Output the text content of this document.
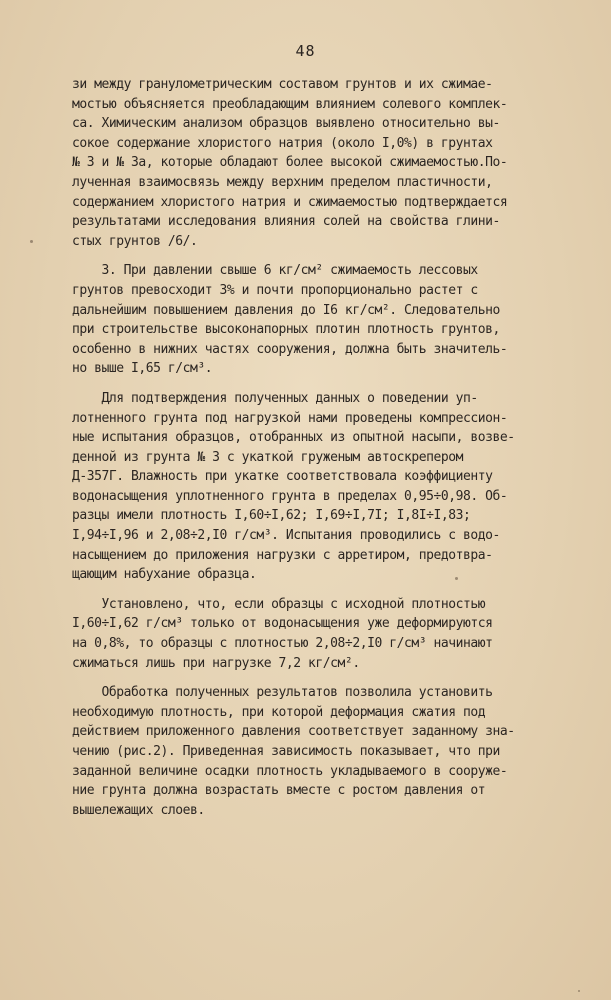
48
зи между гранулометрическим составом грунтов и их сжимае-
мостью объясняется преобладающим влиянием солевого комплек-
са. Химическим анализом образцов выявлено относительно вы-
сокое содержание хлористого натрия (около I,0%) в грунтах
№ 3 и № 3а, которые обладают более высокой сжимаемостью.По-
лученная взаимосвязь между верхним пределом пластичности,
содержанием хлористого натрия и сжимаемостью подтверждается
результатами исследования влияния солей на свойства глини-
стых грунтов /6/.
3. При давлении свыше 6 кг/см² сжимаемость лессовых
грунтов превосходит 3% и почти пропорционально растет с
дальнейшим повышением давления до I6 кг/см². Следовательно
при строительстве высоконапорных плотин плотность грунтов,
особенно в нижних частях сооружения, должна быть значитель-
но выше I,65 г/см³.
Для подтверждения полученных данных о поведении уп-
лотненного грунта под нагрузкой нами проведены компрессион-
ные испытания образцов, отобранных из опытной насыпи, возве-
денной из грунта № 3 с укаткой груженым автоскрепером
Д-357Г. Влажность при укатке соответствовала коэффициенту
водонасыщения уплотненного грунта в пределах 0,95÷0,98. Об-
разцы имели плотность I,60÷I,62; I,69÷I,7I; I,8I÷I,83;
I,94÷I,96 и 2,08÷2,I0 г/см³. Испытания проводились с водо-
насыщением до приложения нагрузки с арретиром, предотвра-
щающим набухание образца.
Установлено, что, если образцы с исходной плотностью
I,60÷I,62 г/см³ только от водонасыщения уже деформируются
на 0,8%, то образцы с плотностью 2,08÷2,I0 г/см³ начинают
сжиматься лишь при нагрузке 7,2 кг/см².
Обработка полученных результатов позволила установить
необходимую плотность, при которой деформация сжатия под
действием приложенного давления соответствует заданному зна-
чению (рис.2). Приведенная зависимость показывает, что при
заданной величине осадки плотность укладываемого в сооруже-
ние грунта должна возрастать вместе с ростом давления от
вышележащих слоев.
